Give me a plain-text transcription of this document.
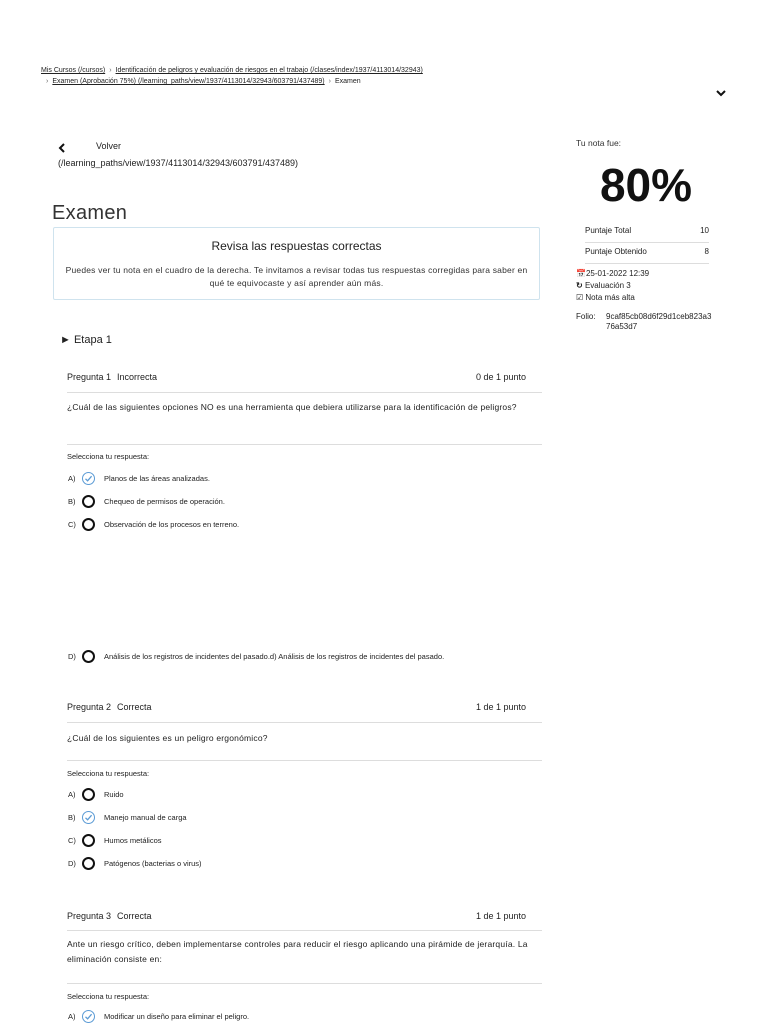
Mis Cursos (/cursos) › Identificación de peligros y evaluación de riesgos en el trabajo (/clases/index/1937/4113014/32943)
› Examen (Aprobación 75%) (/learning_paths/view/1937/4113014/32943/603791/437489) › Examen
Volver
(/learning_paths/view/1937/4113014/32943/603791/437489)
Examen
Revisa las respuestas correctas
Puedes ver tu nota en el cuadro de la derecha. Te invitamos a revisar todas tus respuestas corregidas para saber en qué te equivocaste y así aprender aún más.
Tu nota fue:
80%
Puntaje Total	10
Puntaje Obtenido	8
📅25-01-2022 12:39
↻ Evaluación 3
☑ Nota más alta
Folio: 9caf85cb08d6f29d1ceb823a376a53d7
► Etapa 1
Pregunta 1 Incorrecta	0 de 1 punto
¿Cuál de las siguientes opciones NO es una herramienta que debiera utilizarse para la identificación de peligros?
Selecciona tu respuesta:
A)	Planos de las áreas analizadas.
B)	Chequeo de permisos de operación.
C)	Observación de los procesos en terreno.
D)	Análisis de los registros de incidentes del pasado.d) Análisis de los registros de incidentes del pasado.
Pregunta 2 Correcta	1 de 1 punto
¿Cuál de los siguientes es un peligro ergonómico?
Selecciona tu respuesta:
A)	Ruido
B)	Manejo manual de carga
C)	Humos metálicos
D)	Patógenos (bacterias o virus)
Pregunta 3 Correcta	1 de 1 punto
Ante un riesgo crítico, deben implementarse controles para reducir el riesgo aplicando una pirámide de jerarquía. La eliminación consiste en:
Selecciona tu respuesta:
A)	Modificar un diseño para eliminar el peligro.
